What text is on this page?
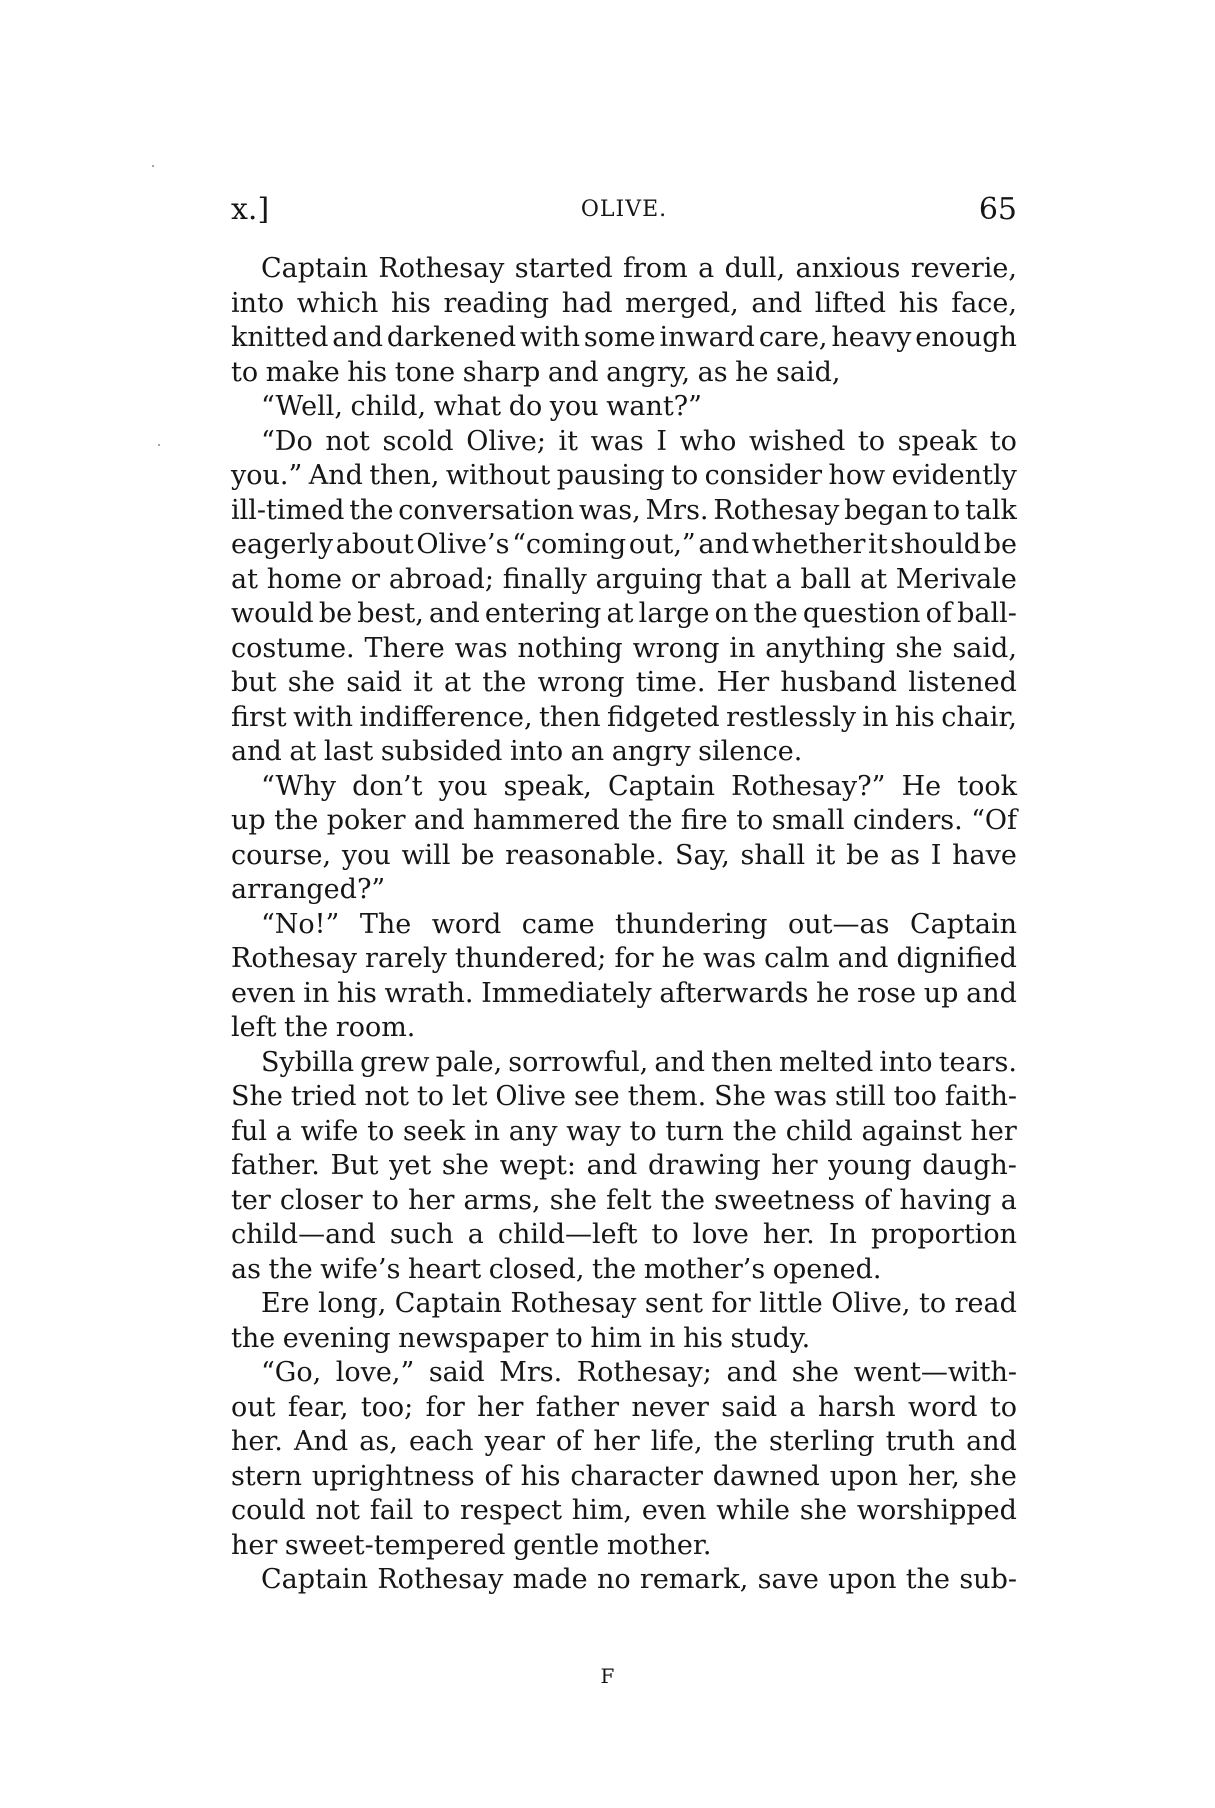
x.]	OLIVE.	65
Captain Rothesay started from a dull, anxious reverie,
into which his reading had merged, and lifted his face,
knitted and darkened with some inward care, heavy enough
to make his tone sharp and angry, as he said,
“Well, child, what do you want?”
“Do not scold Olive; it was I who wished to speak to
you.” And then, without pausing to consider how evidently
ill-timed the conversation was, Mrs. Rothesay began to talk
eagerly about Olive’s “coming out,” and whether it should be
at home or abroad; finally arguing that a ball at Merivale
would be best, and entering at large on the question of ball-
costume. There was nothing wrong in anything she said,
but she said it at the wrong time. Her husband listened
first with indifference, then fidgeted restlessly in his chair,
and at last subsided into an angry silence.
“Why don’t you speak, Captain Rothesay?” He took
up the poker and hammered the fire to small cinders. “Of
course, you will be reasonable. Say, shall it be as I have
arranged?”
“No!” The word came thundering out—as Captain
Rothesay rarely thundered; for he was calm and dignified
even in his wrath. Immediately afterwards he rose up and
left the room.
Sybilla grew pale, sorrowful, and then melted into tears.
She tried not to let Olive see them. She was still too faith-
ful a wife to seek in any way to turn the child against her
father. But yet she wept: and drawing her young daugh-
ter closer to her arms, she felt the sweetness of having a
child—and such a child—left to love her. In proportion
as the wife’s heart closed, the mother’s opened.
Ere long, Captain Rothesay sent for little Olive, to read
the evening newspaper to him in his study.
“Go, love,” said Mrs. Rothesay; and she went—with-
out fear, too; for her father never said a harsh word to
her. And as, each year of her life, the sterling truth and
stern uprightness of his character dawned upon her, she
could not fail to respect him, even while she worshipped
her sweet-tempered gentle mother.
Captain Rothesay made no remark, save upon the sub-
F
